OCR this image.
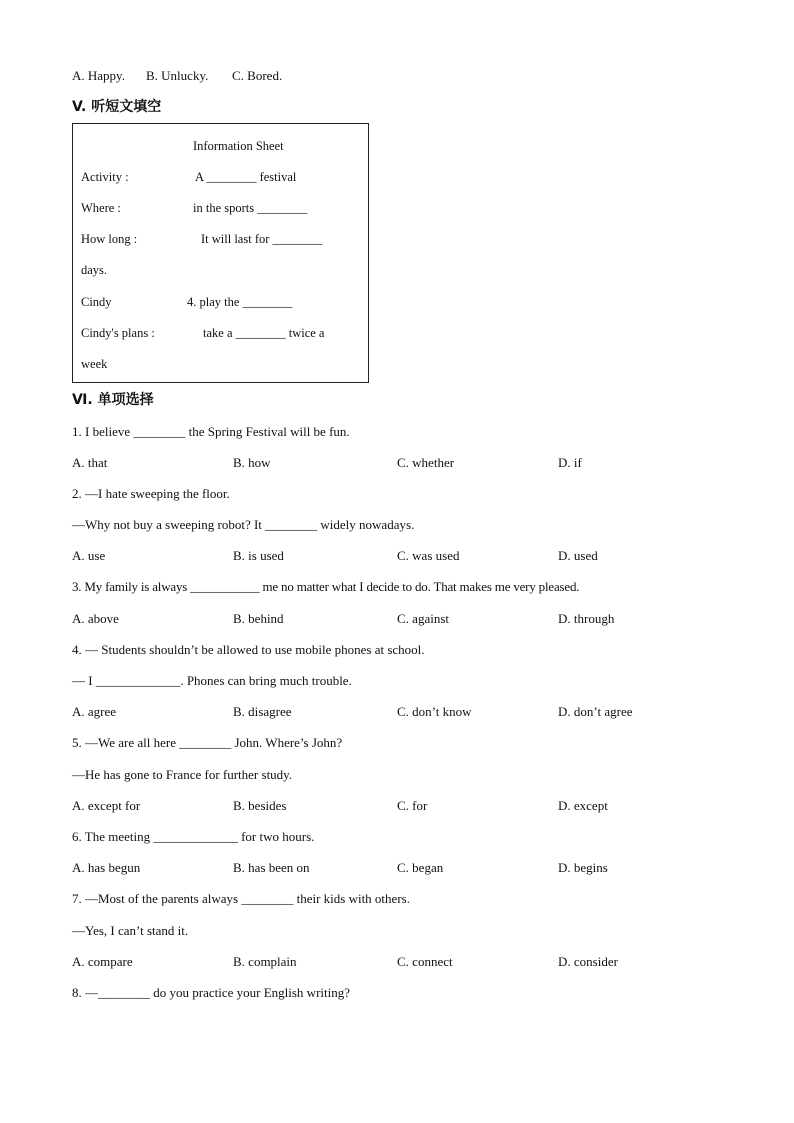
A. Happy. B. Unlucky. C. Bored.
V. 听短文填空
Information Sheet
Activity :	A ________ festival
Where :	in the sports ________
How long :	It will last for ________
days.
Cindy	4. play the ________
Cindy's plans :	take a ________ twice a
week
Ⅵ. 单项选择
1. I believe ________ the Spring Festival will be fun.
A. that	B. how	C. whether	D. if
2. —I hate sweeping the floor.
—Why not buy a sweeping robot? It ________ widely nowadays.
A. use	B. is used	C. was used	D. used
3. My family is always ___________ me no matter what I decide to do. That makes me very pleased.
A. above	B. behind	C. against	D. through
4. — Students shouldn’t be allowed to use mobile phones at school.
— I _____________. Phones can bring much trouble.
A. agree	B. disagree	C. don’t know	D. don’t agree
5. —We are all here ________ John. Where’s John?
—He has gone to France for further study.
A. except for	B. besides	C. for	D. except
6. The meeting _____________ for two hours.
A. has begun	B. has been on	C. began	D. begins
7. —Most of the parents always ________ their kids with others.
—Yes, I can’t stand it.
A. compare	B. complain	C. connect	D. consider
8. —________ do you practice your English writing?
